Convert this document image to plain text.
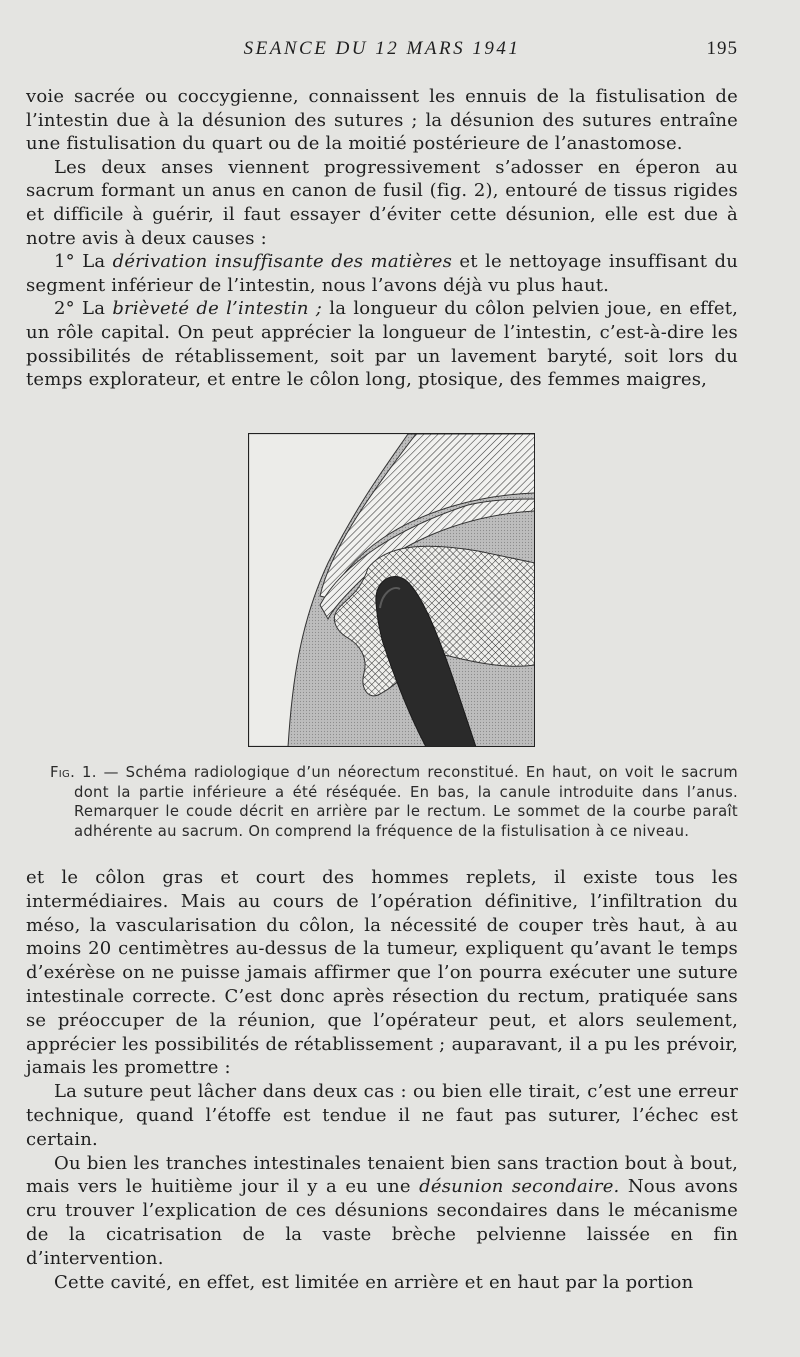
SEANCE DU 12 MARS 1941	195

voie sacrée ou coccygienne, connaissent les ennuis de la fistulisation de l’intestin due à la désunion des sutures ; la désunion des sutures entraîne une fistulisation du quart ou de la moitié postérieure de l’anastomose.

Les deux anses viennent progressivement s’adosser en éperon au sacrum formant un anus en canon de fusil (fig. 2), entouré de tissus rigides et difficile à guérir, il faut essayer d’éviter cette désunion, elle est due à notre avis à deux causes :

1° La dérivation insuffisante des matières et le nettoyage insuffisant du segment inférieur de l’intestin, nous l’avons déjà vu plus haut.

2° La brièveté de l’intestin ; la longueur du côlon pelvien joue, en effet, un rôle capital. On peut apprécier la longueur de l’intestin, c’est-à-dire les possibilités de rétablissement, soit par un lavement baryté, soit lors du temps explorateur, et entre le côlon long, ptosique, des femmes maigres,

Fig. 1. — Schéma radiologique d’un néorectum reconstitué. En haut, on voit le sacrum dont la partie inférieure a été réséquée. En bas, la canule introduite dans l’anus. Remarquer le coude décrit en arrière par le rectum. Le sommet de la courbe paraît adhérente au sacrum. On comprend la fréquence de la fistulisation à ce niveau.

et le côlon gras et court des hommes replets, il existe tous les intermédiaires. Mais au cours de l’opération définitive, l’infiltration du méso, la vascularisation du côlon, la nécessité de couper très haut, à au moins 20 centimètres au-dessus de la tumeur, expliquent qu’avant le temps d’exérèse on ne puisse jamais affirmer que l’on pourra exécuter une suture intestinale correcte. C’est donc après résection du rectum, pratiquée sans se préoccuper de la réunion, que l’opérateur peut, et alors seulement, apprécier les possibilités de rétablissement ; auparavant, il a pu les prévoir, jamais les promettre :

La suture peut lâcher dans deux cas : ou bien elle tirait, c’est une erreur technique, quand l’étoffe est tendue il ne faut pas suturer, l’échec est certain.

Ou bien les tranches intestinales tenaient bien sans traction bout à bout, mais vers le huitième jour il y a eu une désunion secondaire. Nous avons cru trouver l’explication de ces désunions secondaires dans le mécanisme de la cicatrisation de la vaste brèche pelvienne laissée en fin d’intervention.

Cette cavité, en effet, est limitée en arrière et en haut par la portion
